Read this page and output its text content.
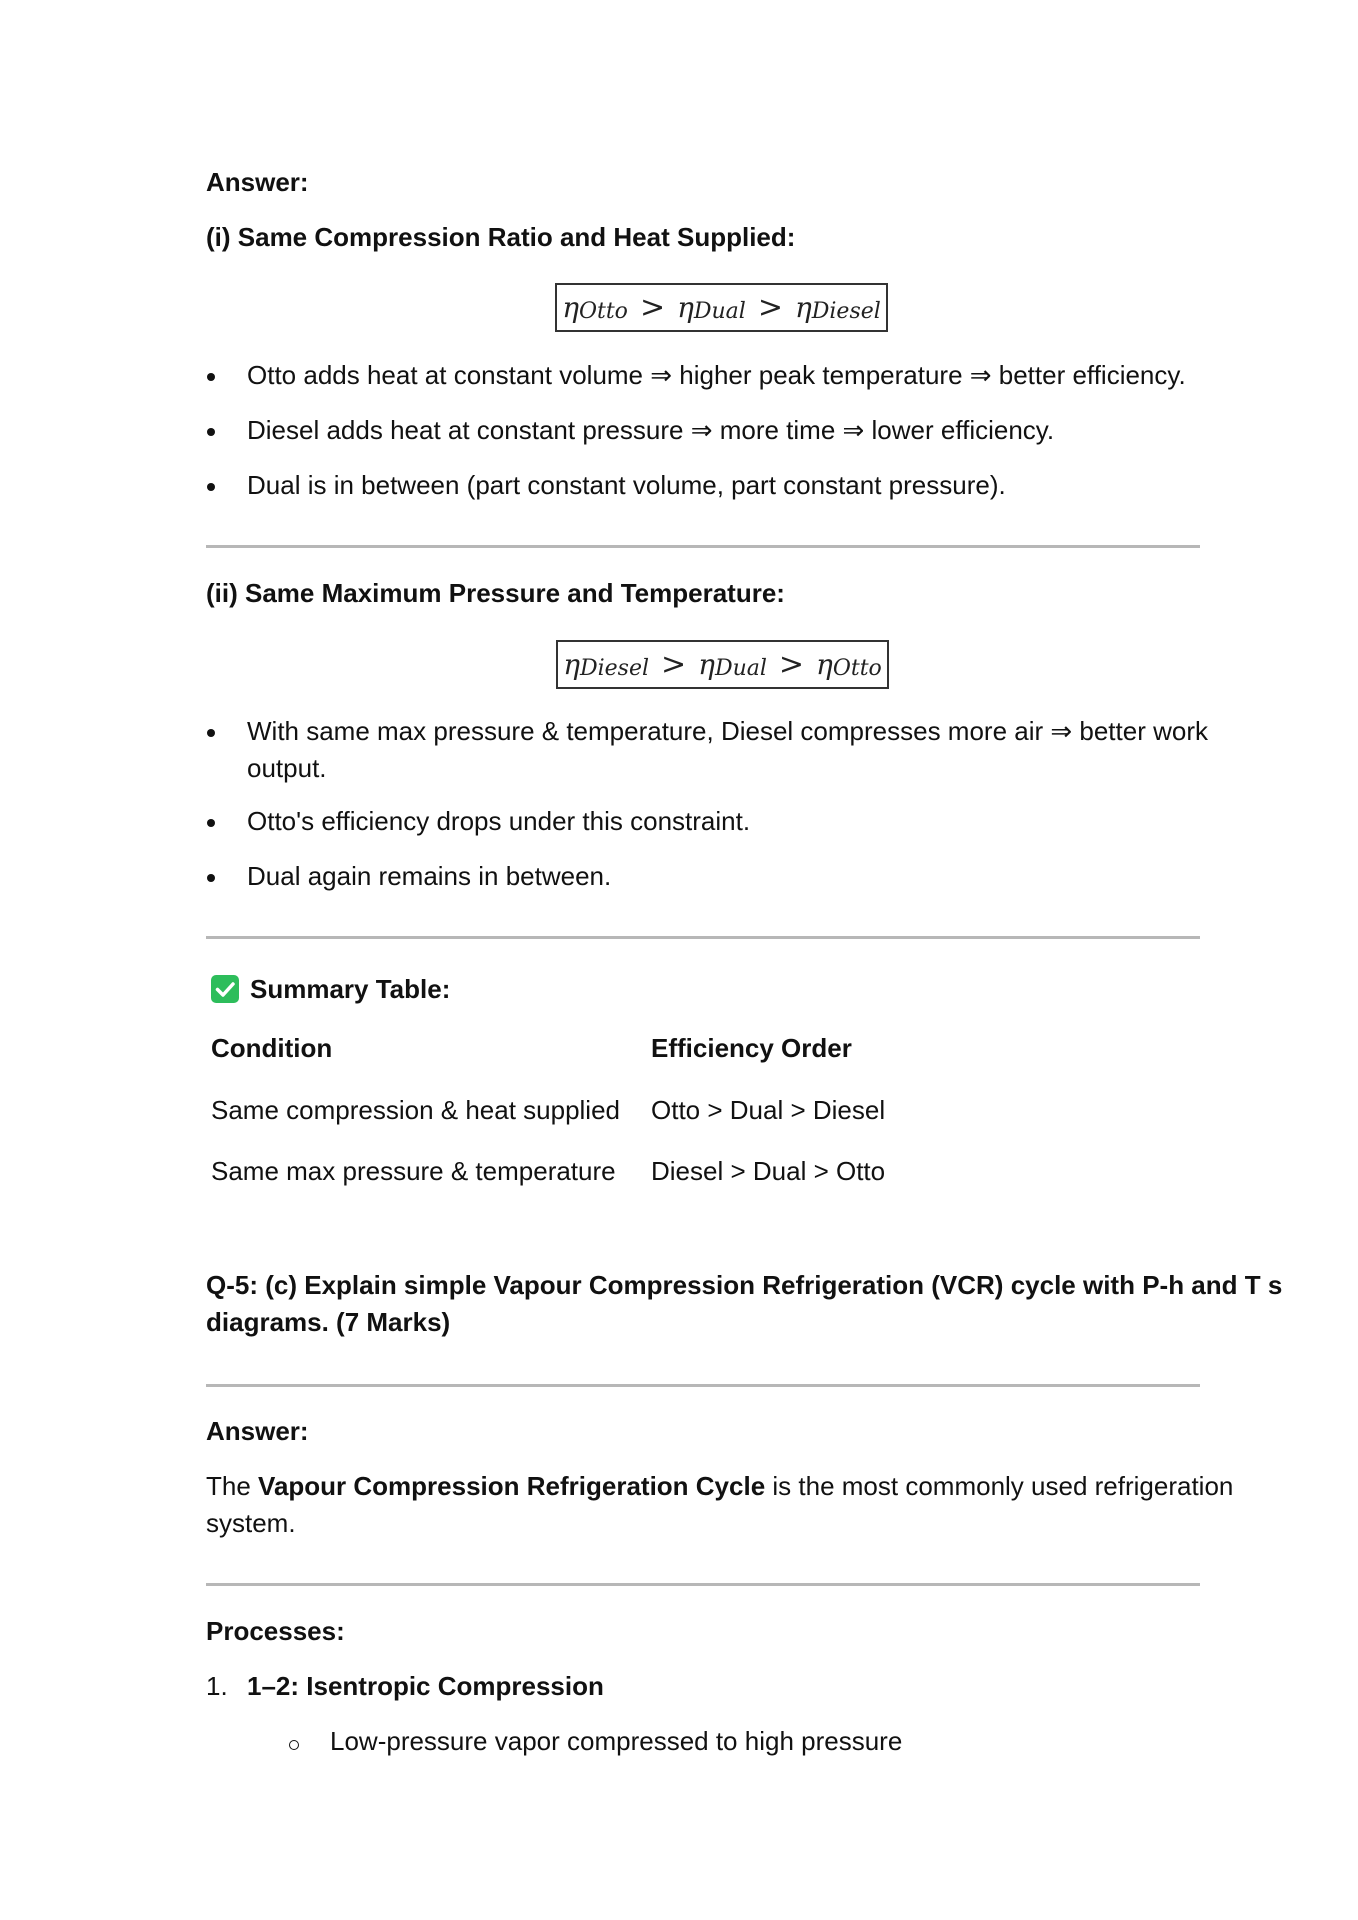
Answer:

(i) Same Compression Ratio and Heat Supplied:

η Otto > η Dual > η Diesel

Otto adds heat at constant volume ⇒ higher peak temperature ⇒ better efficiency.

Diesel adds heat at constant pressure ⇒ more time ⇒ lower efficiency.

Dual is in between (part constant volume, part constant pressure).

(ii) Same Maximum Pressure and Temperature:

η Diesel > η Dual > η Otto

With same max pressure & temperature, Diesel compresses more air ⇒ better work

output.

Otto's efficiency drops under this constraint.

Dual again remains in between.

Summary Table:

Condition	Efficiency Order

Same compression & heat supplied Otto > Dual > Diesel

Same max pressure & temperature Diesel > Dual > Otto

Q-5: (c) Explain simple Vapour Compression Refrigeration (VCR) cycle with P-h and T s

diagrams. (7 Marks)

Answer:

The Vapour Compression Refrigeration Cycle is the most commonly used refrigeration

system.

Processes:

1. 1–2: Isentropic Compression

Low-pressure vapor compressed to high pressure
